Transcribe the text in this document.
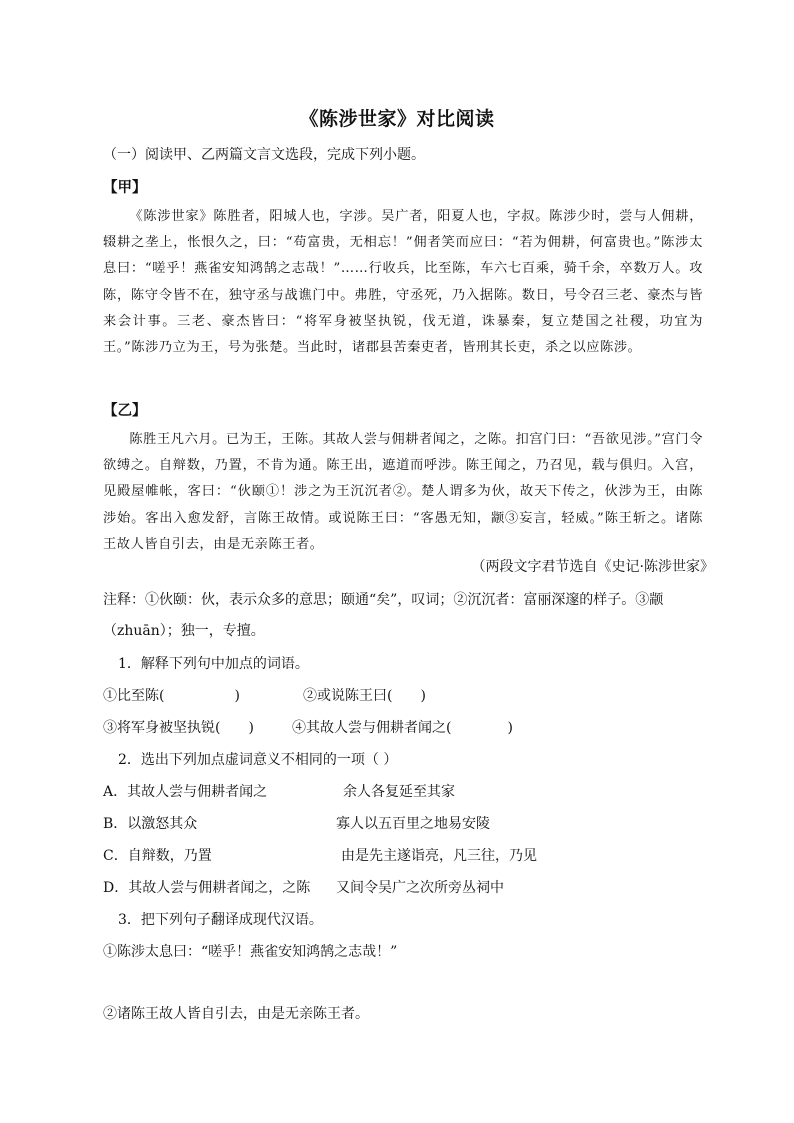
《陈涉世家》对比阅读
（一）阅读甲、乙两篇文言文选段，完成下列小题。
【甲】

《陈涉世家》陈胜者，阳城人也，字涉。吴广者，阳夏人也，字叔。陈涉少时，尝与人佣耕，辍耕之垄上，怅恨久之，曰：“苟富贵，无相忘！”佣者笑而应曰：“若为佣耕，何富贵也。”陈涉太息曰：“嗟乎！燕雀安知鸿鹄之志哉！”……行收兵，比至陈，车六七百乘，骑千余，卒数万人。攻陈，陈守令皆不在，独守丞与战谯门中。弗胜，守丞死，乃入据陈。数日，号令召三老、豪杰与皆来会计事。三老、豪杰皆曰：“将军身被坚执锐，伐无道，诛暴秦，复立楚国之社稷，功宜为王。”陈涉乃立为王，号为张楚。当此时，诸郡县苦秦吏者，皆刑其长吏，杀之以应陈涉。

【乙】

陈胜王凡六月。已为王，王陈。其故人尝与佣耕者闻之，之陈。扣宫门曰：“吾欲见涉。”宫门令欲缚之。自辩数，乃置，不肯为通。陈王出，遮道而呼涉。陈王闻之，乃召见，载与俱归。入宫，见殿屋帷帐，客曰：“伙颐①！涉之为王沉沉者②。楚人谓多为伙，故天下传之，伙涉为王，由陈涉始。客出入愈发舒，言陈王故情。或说陈王曰：“客愚无知，颛③妄言，轻威。”陈王斩之。诸陈王故人皆自引去，由是无亲陈王者。

（两段文字君节选自《史记·陈涉世家》
注释：①伙颐：伙，表示众多的意思；颐通“矣”，叹词；②沉沉者：富丽深邃的样子。③颛（zhuān）；独一，专擅。
1．解释下列句中加点的词语。
①比至陈(　　　　　)	②或说陈王曰(　　)
③将军身被坚执锐(　　)	④其故人尝与佣耕者闻之(　　　　)
2．选出下列加点虚词意义不相同的一项（ ）
A．其故人尝与佣耕者闻之	余人各复延至其家
B．以激怒其众	寡人以五百里之地易安陵
C．自辩数，乃置	由是先主遂诣亮，凡三往，乃见
D．其故人尝与佣耕者闻之，之陈 又间令吴广之次所旁丛祠中
3．把下列句子翻译成现代汉语。
①陈涉太息曰：“嗟乎！燕雀安知鸿鹄之志哉！”
②诸陈王故人皆自引去，由是无亲陈王者。
